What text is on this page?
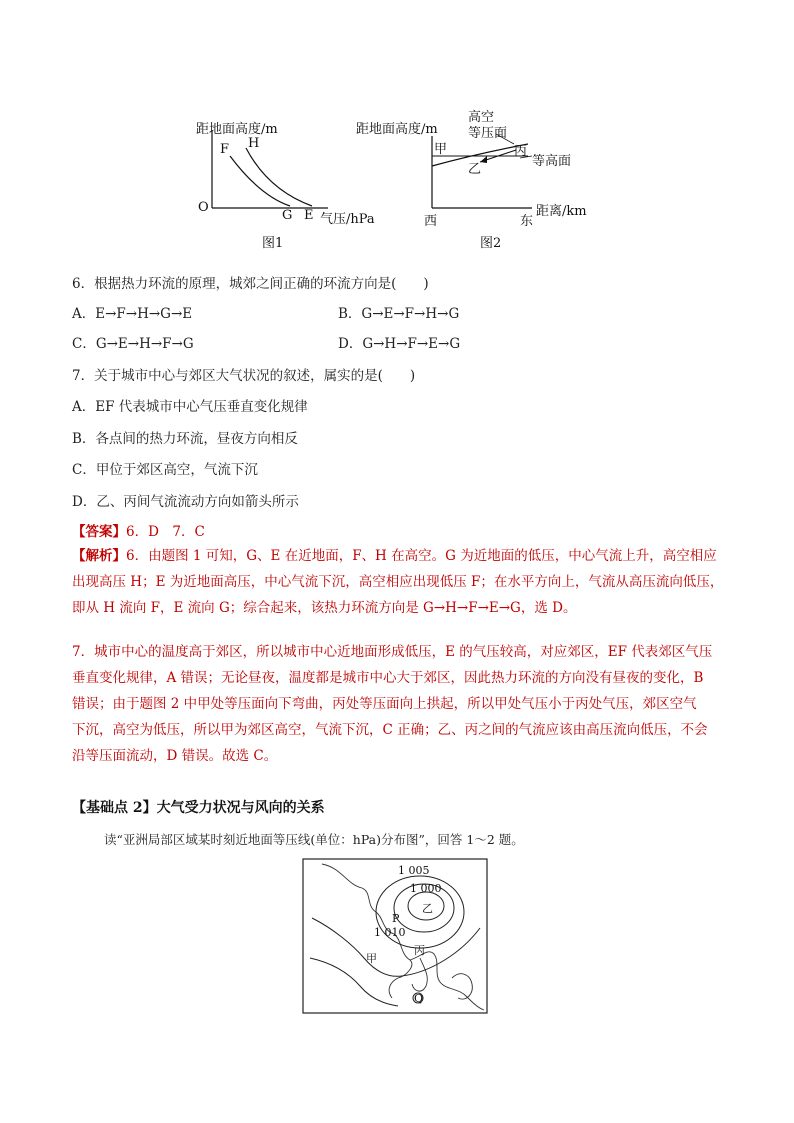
距地面高度/m
F H
O
G E 气压/hPa
图1
距地面高度/m
高空
等压面
甲	丙
等高面
乙
西	东
距离/km
图2
6．根据热力环流的原理，城郊之间正确的环流方向是(　　)
A．E→F→H→G→E	B．G→E→F→H→G
C．G→E→H→F→G	D．G→H→F→E→G
7．关于城市中心与郊区大气状况的叙述，属实的是(　　)
A．EF 代表城市中心气压垂直变化规律
B．各点间的热力环流，昼夜方向相反
C．甲位于郊区高空，气流下沉
D．乙、丙间气流流动方向如箭头所示
【答案】6．D　7．C
【解析】6．由题图 1 可知，G、E 在近地面，F、H 在高空。G 为近地面的低压，中心气流上升，高空相应
出现高压 H；E 为近地面高压，中心气流下沉，高空相应出现低压 F；在水平方向上，气流从高压流向低压，
即从 H 流向 F，E 流向 G；综合起来，该热力环流方向是 G→H→F→E→G，选 D。
7．城市中心的温度高于郊区，所以城市中心近地面形成低压，E 的气压较高，对应郊区，EF 代表郊区气压
垂直变化规律，A 错误；无论昼夜，温度都是城市中心大于郊区，因此热力环流的方向没有昼夜的变化，B
错误；由于题图 2 中甲处等压面向下弯曲，丙处等压面向上拱起，所以甲处气压小于丙处气压，郊区空气
下沉，高空为低压，所以甲为郊区高空，气流下沉，C 正确；乙、丙之间的气流应该由高压流向低压，不会
沿等压面流动，D 错误。故选 C。
【基础点 2】大气受力状况与风向的关系
读“亚洲局部区域某时刻近地面等压线(单位：hPa)分布图”，回答 1～2 题。
1 005
1 000
乙
P
1 010
丙
甲
Q
